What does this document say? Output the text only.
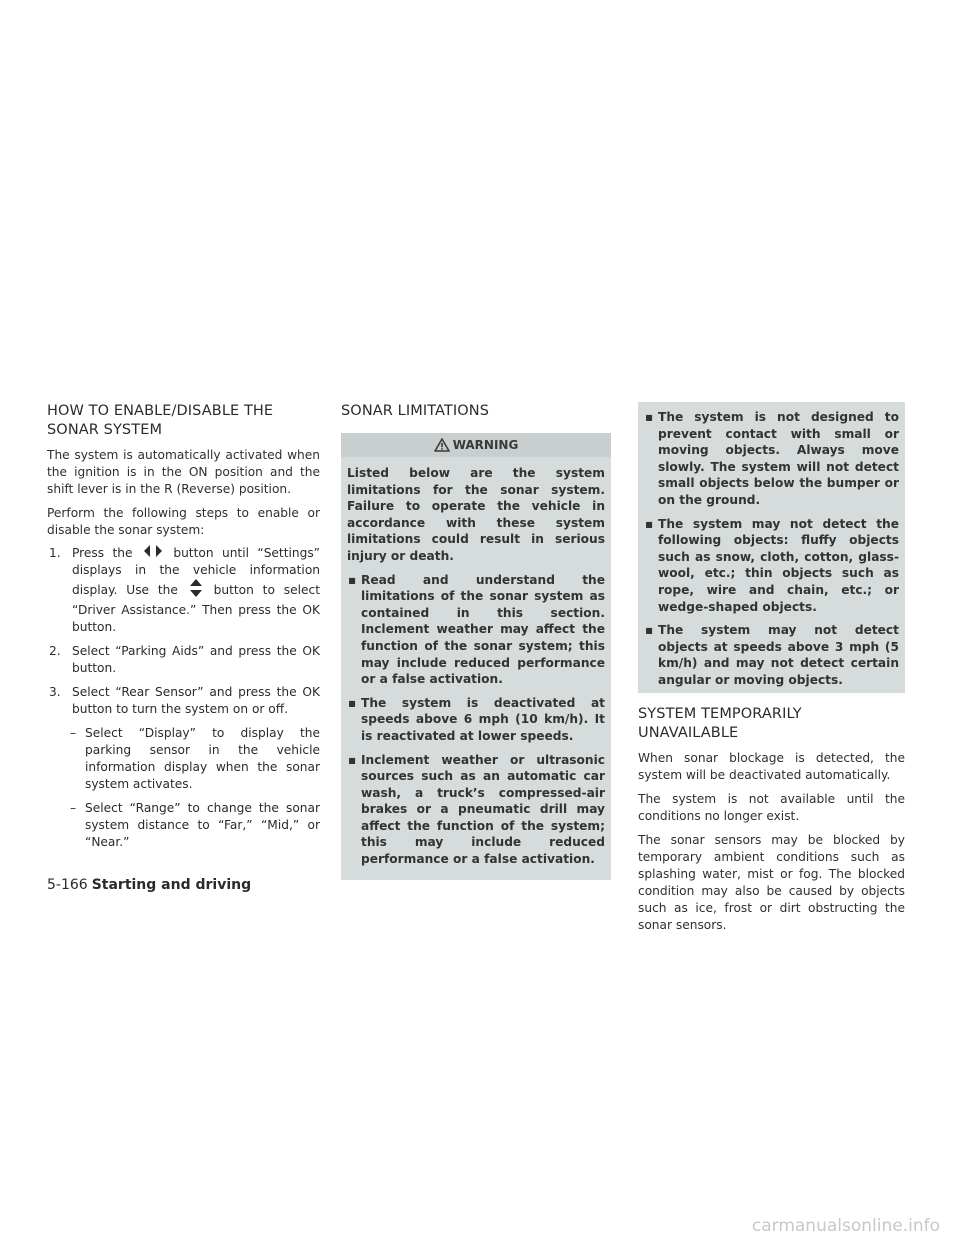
HOW TO ENABLE/DISABLE THE
SONAR SYSTEM

The system is automatically activated when the ignition is in the ON position and the shift lever is in the R (Reverse) position.

Perform the following steps to enable or disable the sonar system:

1. Press the	button until “Settings” displays in the vehicle information display. Use the	button to select “Driver Assistance.” Then press the OK button.
2. Select “Parking Aids” and press the OK button.
3. Select “Rear Sensor” and press the OK button to turn the system on or off.
– Select “Display” to display the parking sensor in the vehicle information display when the sonar system activates.
– Select “Range” to change the sonar system distance to “Far,” “Mid,” or “Near.”
SONAR LIMITATIONS
WARNING

Listed below are the system limitations for the sonar system. Failure to operate the vehicle in accordance with these system limitations could result in serious injury or death.

▪ Read and understand the limitations of the sonar system as contained in this section. Inclement weather may affect the function of the sonar system; this may include reduced performance or a false activation.
▪ The system is deactivated at speeds above 6 mph (10 km/h). It is reactivated at lower speeds.
▪ Inclement weather or ultrasonic sources such as an automatic car wash, a truck’s compressed-air brakes or a pneumatic drill may affect the function of the system; this may include reduced performance or a false activation.
▪ The system is not designed to prevent contact with small or moving objects. Always move slowly. The system will not detect small objects below the bumper or on the ground.
▪ The system may not detect the following objects: fluffy objects such as snow, cloth, cotton, glass-wool, etc.; thin objects such as rope, wire and chain, etc.; or wedge-shaped objects.
▪ The system may not detect objects at speeds above 3 mph (5 km/h) and may not detect certain angular or moving objects.
SYSTEM TEMPORARILY
UNAVAILABLE

When sonar blockage is detected, the system will be deactivated automatically.

The system is not available until the conditions no longer exist.

The sonar sensors may be blocked by temporary ambient conditions such as splashing water, mist or fog. The blocked condition may also be caused by objects such as ice, frost or dirt obstructing the sonar sensors.

5-166 Starting and driving
carmanualsonline.info
